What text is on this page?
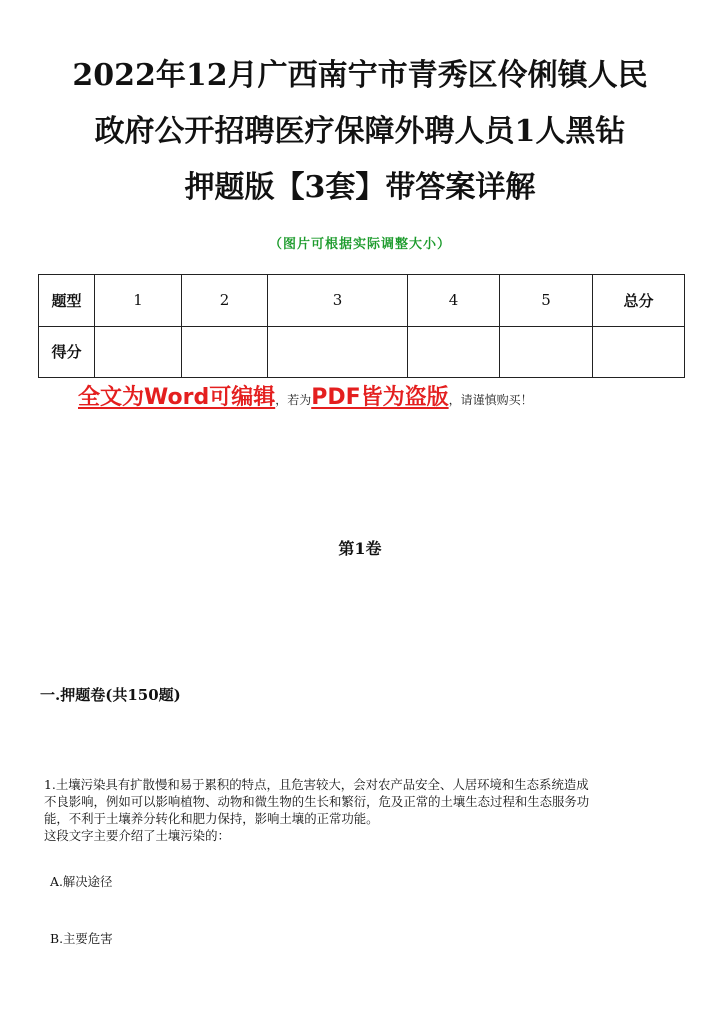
2022年12月广西南宁市青秀区伶俐镇人民
政府公开招聘医疗保障外聘人员1人黑钻
押题版【3套】带答案详解
（图片可根据实际调整大小）
题型	1	2	3	4	5	总分
得分						
全文为Word可编辑，若为PDF皆为盗版，请谨慎购买！
第1卷
一.押题卷(共150题)

1.土壤污染具有扩散慢和易于累积的特点，且危害较大，会对农产品安全、人居环境和生态系统造成
不良影响，例如可以影响植物、动物和微生物的生长和繁衍，危及正常的土壤生态过程和生态服务功
能，不利于土壤养分转化和肥力保持，影响土壤的正常功能。
这段文字主要介绍了土壤污染的：

A.解决途径
B.主要危害
